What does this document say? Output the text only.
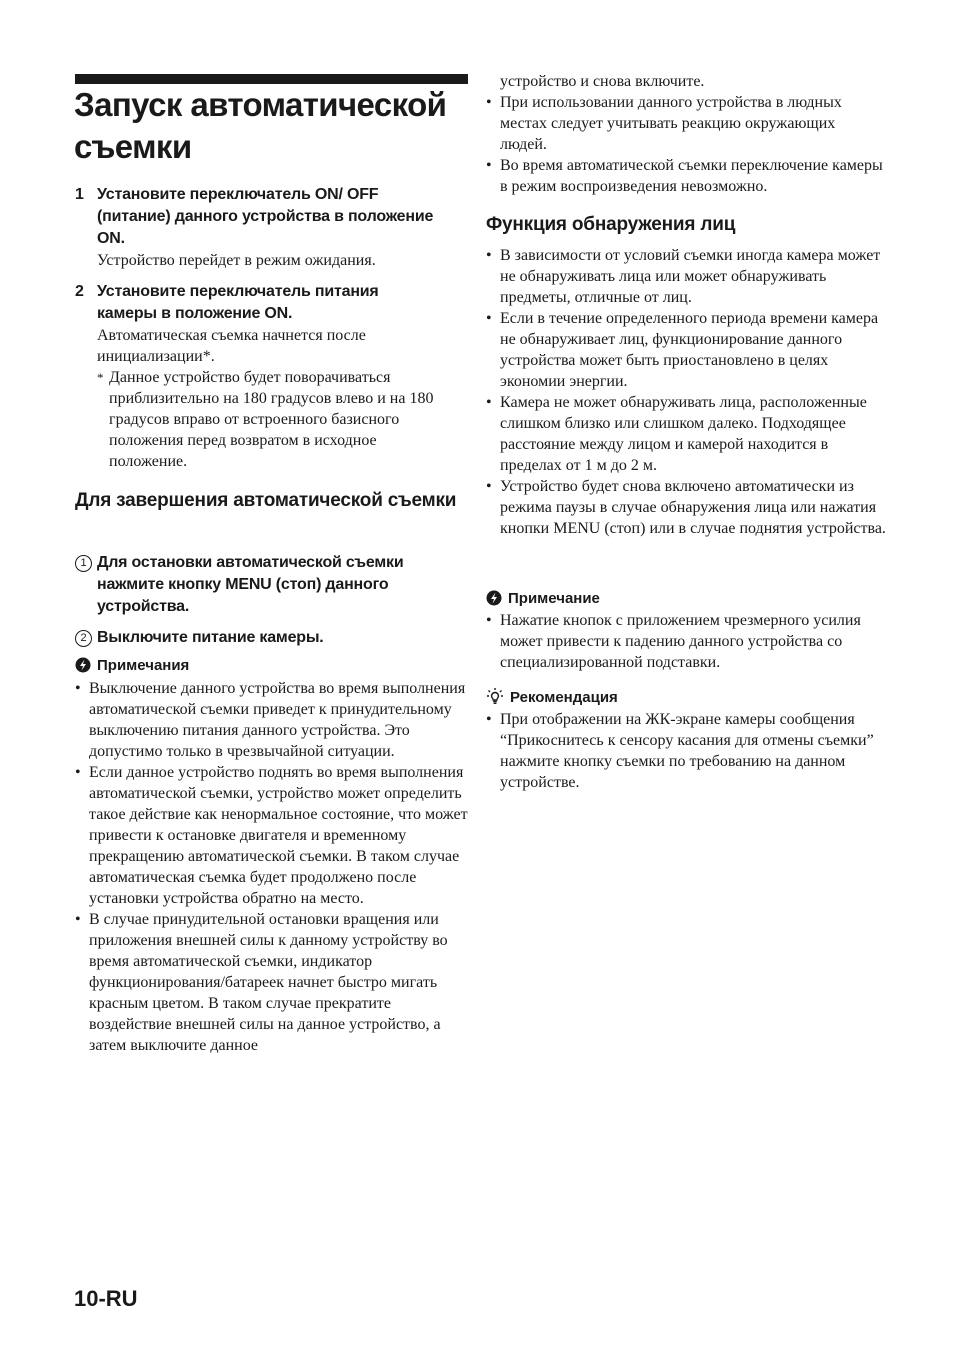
Запуск автоматической съемки
1 Установите переключатель ON/ OFF (питание) данного устройства в положение ON.
Устройство перейдет в режим ожидания.
2 Установите переключатель питания камеры в положение ON.
Автоматическая съемка начнется после инициализации*.
* Данное устройство будет поворачиваться приблизительно на 180 градусов влево и на 180 градусов вправо от встроенного базисного положения перед возвратом в исходное положение.
Для завершения автоматической съемки
1 Для остановки автоматической съемки нажмите кнопку MENU (стоп) данного устройства.
2 Выключите питание камеры.
Примечания
• Выключение данного устройства во время выполнения автоматической съемки приведет к принудительному выключению питания данного устройства. Это допустимо только в чрезвычайной ситуации.
• Если данное устройство поднять во время выполнения автоматической съемки, устройство может определить такое действие как ненормальное состояние, что может привести к остановке двигателя и временному прекращению автоматической съемки. В таком случае автоматическая съемка будет продолжено после установки устройства обратно на место.
• В случае принудительной остановки вращения или приложения внешней силы к данному устройству во время автоматической съемки, индикатор функционирования/батареек начнет быстро мигать красным цветом. В таком случае прекратите воздействие внешней силы на данное устройство, а затем выключите данное
устройство и снова включите.
• При использовании данного устройства в людных местах следует учитывать реакцию окружающих людей.
• Во время автоматической съемки переключение камеры в режим воспроизведения невозможно.
Функция обнаружения лиц
• В зависимости от условий съемки иногда камера может не обнаруживать лица или может обнаруживать предметы, отличные от лиц.
• Если в течение определенного периода времени камера не обнаруживает лиц, функционирование данного устройства может быть приостановлено в целях экономии энергии.
• Камера не может обнаруживать лица, расположенные слишком близко или слишком далеко. Подходящее расстояние между лицом и камерой находится в пределах от 1 м до 2 м.
• Устройство будет снова включено автоматически из режима паузы в случае обнаружения лица или нажатия кнопки MENU (стоп) или в случае поднятия устройства.
Примечание
• Нажатие кнопок с приложением чрезмерного усилия может привести к падению данного устройства со специализированной подставки.
Рекомендация
• При отображении на ЖК-экране камеры сообщения “Прикоснитесь к сенсору касания для отмены съемки” нажмите кнопку съемки по требованию на данном устройстве.
10-RU
